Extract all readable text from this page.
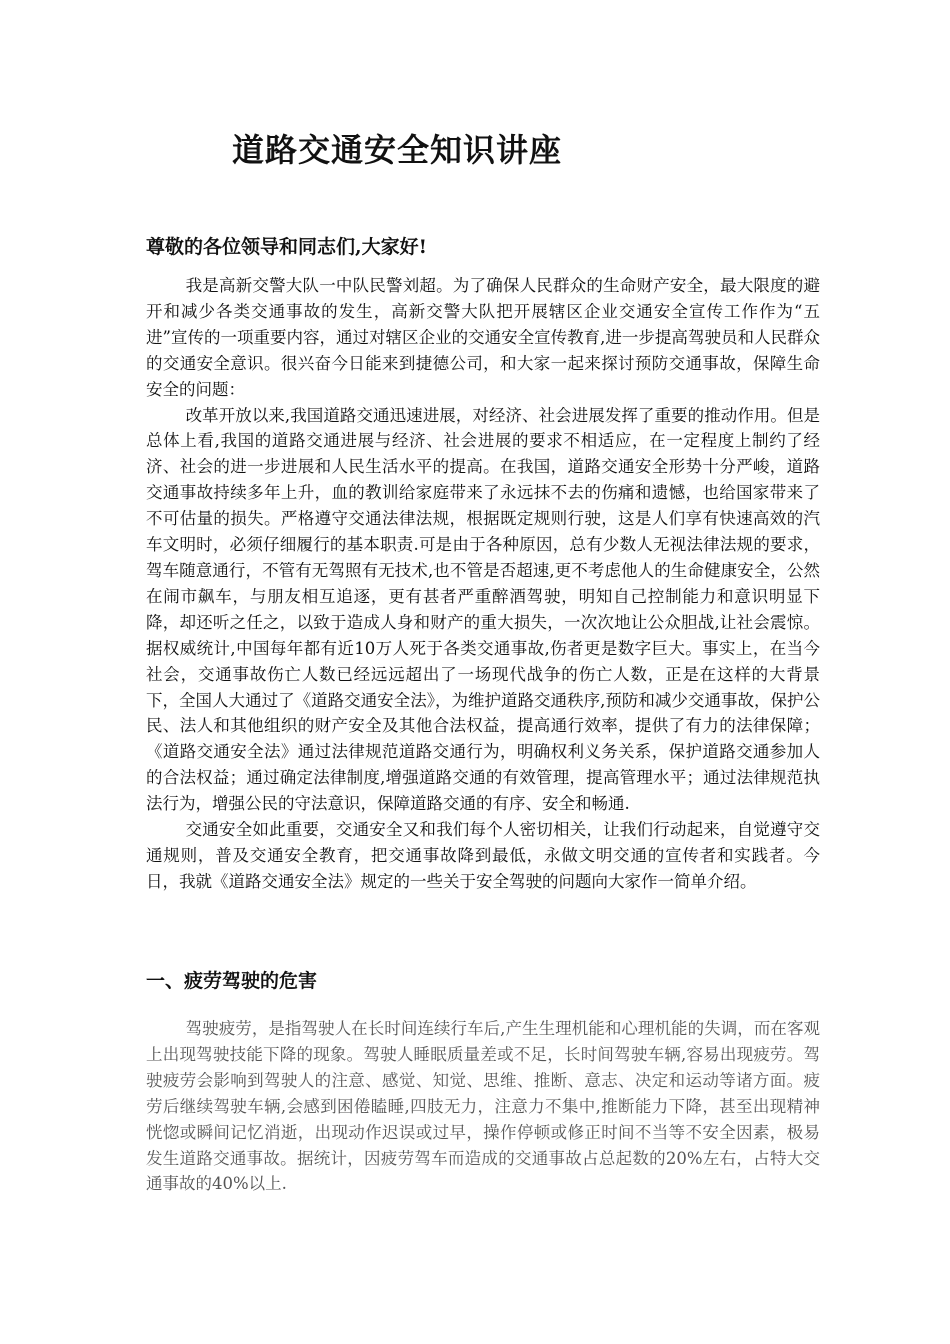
道路交通安全知识讲座
尊敬的各位领导和同志们,大家好!

我是高新交警大队一中队民警刘超。为了确保人民群众的生命财产安全，最大限度的避开和减少各类交通事故的发生，高新交警大队把开展辖区企业交通安全宣传工作作为“五进”宣传的一项重要内容，通过对辖区企业的交通安全宣传教育,进一步提高驾驶员和人民群众的交通安全意识。很兴奋今日能来到捷德公司，和大家一起来探讨预防交通事故，保障生命安全的问题：

改革开放以来,我国道路交通迅速进展，对经济、社会进展发挥了重要的推动作用。但是总体上看,我国的道路交通进展与经济、社会进展的要求不相适应，在一定程度上制约了经济、社会的进一步进展和人民生活水平的提高。在我国，道路交通安全形势十分严峻，道路交通事故持续多年上升，血的教训给家庭带来了永远抹不去的伤痛和遗憾，也给国家带来了不可估量的损失。严格遵守交通法律法规，根据既定规则行驶，这是人们享有快速高效的汽车文明时，必须仔细履行的基本职责.可是由于各种原因，总有少数人无视法律法规的要求，驾车随意通行，不管有无驾照有无技术,也不管是否超速,更不考虑他人的生命健康安全，公然在闹市飙车，与朋友相互追逐，更有甚者严重醉酒驾驶，明知自己控制能力和意识明显下降，却还听之任之，以致于造成人身和财产的重大损失，一次次地让公众胆战,让社会震惊。据权威统计,中国每年都有近10万人死于各类交通事故,伤者更是数字巨大。事实上，在当今社会，交通事故伤亡人数已经远远超出了一场现代战争的伤亡人数，正是在这样的大背景下，全国人大通过了《道路交通安全法》，为维护道路交通秩序,预防和减少交通事故，保护公民、法人和其他组织的财产安全及其他合法权益，提高通行效率，提供了有力的法律保障；《道路交通安全法》通过法律规范道路交通行为，明确权利义务关系，保护道路交通参加人的合法权益；通过确定法律制度,增强道路交通的有效管理，提高管理水平；通过法律规范执法行为，增强公民的守法意识，保障道路交通的有序、安全和畅通.

交通安全如此重要，交通安全又和我们每个人密切相关，让我们行动起来，自觉遵守交通规则，普及交通安全教育，把交通事故降到最低，永做文明交通的宣传者和实践者。今日，我就《道路交通安全法》规定的一些关于安全驾驶的问题向大家作一简单介绍。

一、疲劳驾驶的危害

驾驶疲劳，是指驾驶人在长时间连续行车后,产生生理机能和心理机能的失调，而在客观上出现驾驶技能下降的现象。驾驶人睡眠质量差或不足，长时间驾驶车辆,容易出现疲劳。驾驶疲劳会影响到驾驶人的注意、感觉、知觉、思维、推断、意志、决定和运动等诸方面。疲劳后继续驾驶车辆,会感到困倦瞌睡,四肢无力，注意力不集中,推断能力下降，甚至出现精神恍惚或瞬间记忆消逝，出现动作迟误或过早，操作停顿或修正时间不当等不安全因素，极易发生道路交通事故。据统计，因疲劳驾车而造成的交通事故占总起数的20%左右，占特大交通事故的40%以上.
